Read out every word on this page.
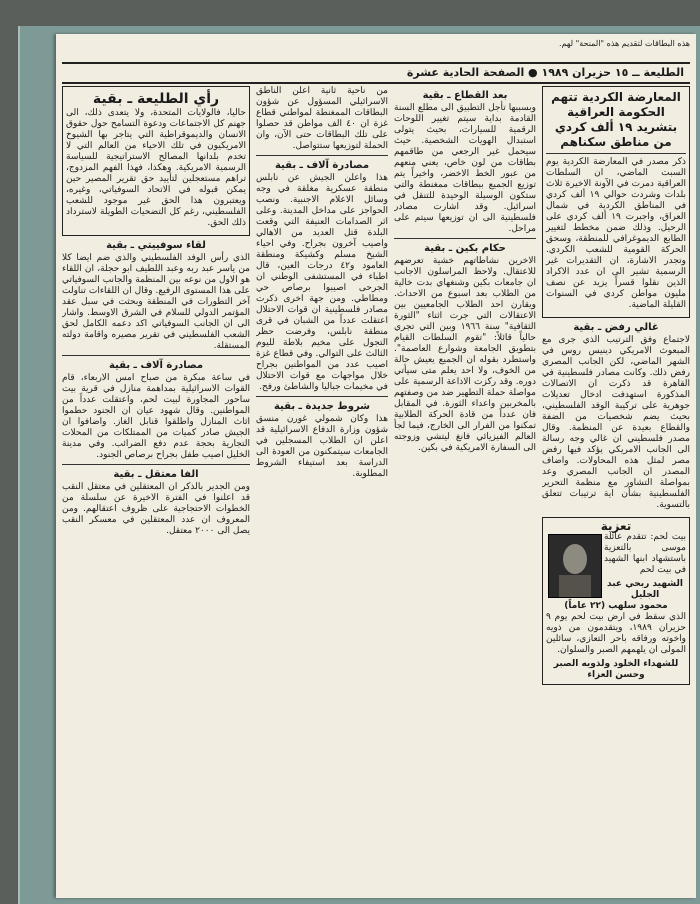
هذه البطاقات لتقديم هذه "المنحة" لهم.
الطليعة ــ ١٥ حزيران ١٩٨٩ ● الصفحة الحادية عشرة
المعارضة الكردية تتهم الحكومة العراقية بتشريد ١٩ ألف كردي من مناطق سكناهم

ذكر مصدر في المعارضة الكردية يوم السبت الماضي، ان السلطات العراقية دمرت في الآونة الاخيرة ثلاث بلدات وشردت حوالي ١٩ ألف كردي في المناطق الكردية في شمال العراق، واجبرت ١٩ ألف كردي على الرحيل. وذلك ضمن مخطط لتغيير الطابع الديموغرافي للمنطقة، وسحق الحركة القومية للشعب الكردي. وتجدر الاشارة، ان التقديرات غير الرسمية تشير الى ان عدد الاكراد الذين نقلوا قسراً يزيد عن نصف مليون مواطن كردي في السنوات القليلة الماضية.

غالي رفض ـ بقية

لاجتماع وفق الترتيب الذي جرى مع المبعوث الامريكي دينيس روس في الشهر الماضي، لكن الجانب المصري رفض ذلك. وكانت مصادر فلسطينية في القاهرة قد ذكرت ان الاتصالات المذكورة استهدفت ادخال تعديلات جوهرية على تركيبة الوفد الفلسطيني، بحيث يضم شخصيات من الضفة والقطاع بعيدة عن المنظمة. وقال مصدر فلسطيني ان غالي وجه رسالة الى الجانب الامريكي يؤكد فيها رفض مصر لمثل هذه المحاولات. واضاف المصدر ان الجانب المصري وعد بمواصلة التشاور مع منظمة التحرير الفلسطينية بشأن اية ترتيبات تتعلق بالتسوية.

تعزية

بيت لحم: تتقدم عائلة موسى بالتعزية باستشهاد ابنها الشهيد في بيت لحم

الشهيد ربحي عبد الجليل
محمود سلهب (٢٢ عاماً)

الذي سقط في ارض بيت لحم يوم ٩ حزيران ١٩٨٩، ويتقدمون من ذويه واخوته ورفاقه باحر التعازي، سائلين المولى ان يلهمهم الصبر والسلوان.

للشهداء الخلود ولذويه الصبر وحسن العزاء
بعد القطاع ـ بقية

وبسببها تأجل التطبيق الى مطلع السنة القادمة بداية سيتم تغيير اللوحات الرقمية للسيارات، بحيث يتولى استبدال الهويات الشخصية. حيث سيحمل غير الرجعي من طاقمهم بطاقات من لون خاص، يعني منعهم من عبور الخط الاخضر، واخيراً يتم توزيع الجميع ببطاقات ممغنطة والتي ستكون الوسيلة الوحيدة للتنقل في اسرائيل. وقد اشارت مصادر فلسطينية الى ان توزيعها سيتم على مراحل.

حكام بكين ـ بقية

الاخرين نشاطاتهم خشية تعرضهم للاعتقال. ولاحظ المراسلون الاجانب ان جامعات بكين وشنغهاي بدت خالية من الطلاب بعد اسبوع من الاحداث. ويقارن احد الطلاب الجامعيين بين الاعتقالات التي جرت اثناء "الثورة الثقافية" سنة ١٩٦٦ وبين التي تجري حالياً قائلاً: "تقوم السلطات القيام بتطويق الجامعة وشوارع العاصمة". واستطرد بقوله ان الجميع يعيش حالة من الخوف، ولا احد يعلم متى سيأتي دوره. وقد ركزت الاذاعة الرسمية على مواصلة حملة التطهير ضد من وصفتهم بالمخربين واعداء الثورة. في المقابل فان عدداً من قادة الحركة الطلابية تمكنوا من الفرار الى الخارج، فيما لجأ العالم الفيزيائي فانغ ليتشي وزوجته الى السفارة الامريكية في بكين.

من ناحية ثانية اعلن الناطق الاسرائيلي المسؤول عن شؤون البطاقات الممغنطة لمواطني قطاع غزة ان ٤٠ الف مواطن قد حصلوا على تلك البطاقات حتى الآن، وان الحملة لتوزيعها ستتواصل.

مصادرة آلاف ـ بقية

هذا واعلن الجيش عن نابلس منطقة عسكرية مغلقة في وجه وسائل الاعلام الاجنبية. ونصب الحواجز على مداخل المدينة. وعلى اثر الصدامات العنيفة التي وقعت البلدة قتل العديد من الاهالي واصيب آخرون بجراح. وفي احياء الشيخ مسلم وكشيكة ومنطقة العامود و٤٢ درجات العين، قال اطباء في المستشفى الوطني ان الجرحى اصيبوا برصاص حي ومطاطي. ومن جهة اخرى ذكرت مصادر فلسطينية ان قوات الاحتلال اعتقلت عدداً من الشبان في قرى منطقة نابلس، وفرضت حظر التجول على مخيم بلاطة لليوم الثالث على التوالي. وفي قطاع غزة اصيب عدد من المواطنين بجراح خلال مواجهات مع قوات الاحتلال في مخيمات جباليا والشاطئ ورفح.

شروط جديدة ـ بقية

هذا وكان شمولي غورن منسق شؤون وزارة الدفاع الاسرائيلية قد اعلن ان الطلاب المسجلين في الجامعات سيتمكنون من العودة الى الدراسة بعد استيفاء الشروط المطلوبة.

رأي الطليعة ـ بقية

حاليا، فالولايات المتحدة، ولا يتعدى ذلك، الى جهنم كل الاجتماعات ودعوة التسامح حول حقوق الانسان والديموقراطية التي يتاجر بها الشيوخ الامريكيون في تلك الاحياء من العالم التي لا تخدم بلدانها المصالح الاستراتيجية للسياسة الرسمية الامريكية. وهكذا، فهذا الفهم المزدوج، تراهم مستعجلين لتأييد حق تقرير المصير حين يمكن قبوله في الاتحاد السوفياتي، وغيره، ويعتبرون هذا الحق غير موجود للشعب الفلسطيني، رغم كل التضحيات الطويلة لاسترداد ذلك الحق.

لقاء سوفييتي ـ بقية

الذي رأس الوفد الفلسطيني والذي ضم ايضا كلا من ياسر عبد ربه وعبد اللطيف ابو حجلة، ان اللقاء هو الاول من نوعه بين المنظمة والجانب السوفياتي على هذا المستوى الرفيع. وقال ان اللقاءات تناولت آخر التطورات في المنطقة وبحثت في سبل عقد المؤتمر الدولي للسلام في الشرق الاوسط. واشار الى ان الجانب السوفياتي اكد دعمه الكامل لحق الشعب الفلسطيني في تقرير مصيره واقامة دولته المستقلة.

مصادرة آلاف ـ بقية

في ساعة مبكرة من صباح امس الاربعاء، قام القوات الاسرائيلية بمداهمة منازل في قرية بيت ساحور المجاورة لبيت لحم، واعتقلت عدداً من المواطنين. وقال شهود عيان ان الجنود حطموا اثاث المنازل واطلقوا قنابل الغاز. واضافوا ان الجيش صادر كميات من الممتلكات من المحلات التجارية بحجة عدم دفع الضرائب. وفي مدينة الخليل اصيب طفل بجراح برصاص الجنود.

الفا معتقل ـ بقية

ومن الجدير بالذكر ان المعتقلين في معتقل النقب قد اعلنوا في الفترة الاخيرة عن سلسلة من الخطوات الاحتجاجية على ظروف اعتقالهم. ومن المعروف ان عدد المعتقلين في معسكر النقب يصل الى ٢٠٠٠ معتقل.
